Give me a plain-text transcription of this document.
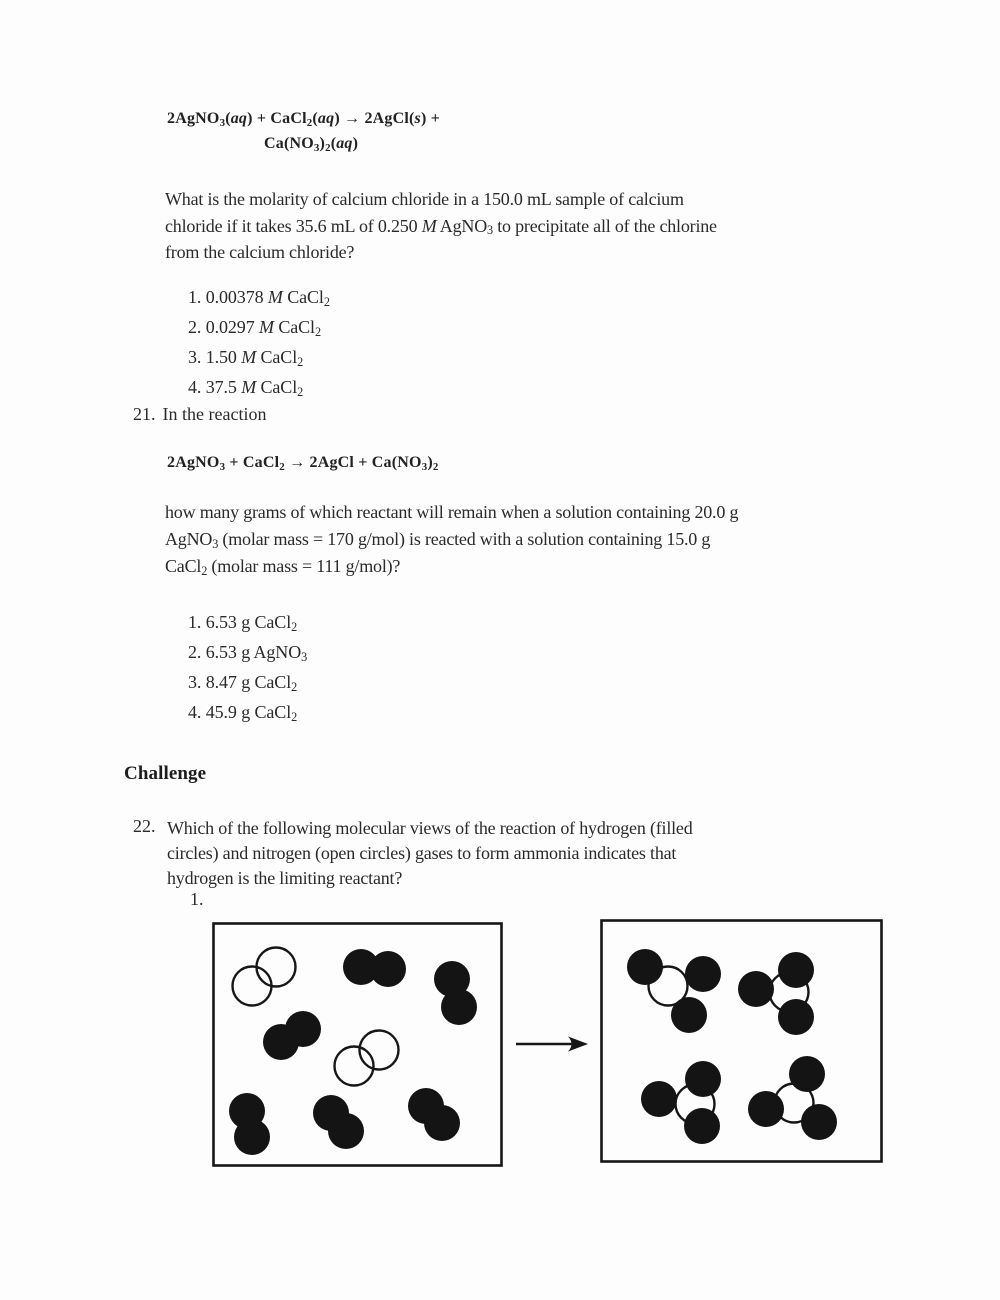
2AgNO$_3$(aq) + CaCl$_2$(aq) → 2AgCl(s) +
$Ca(NO_3)_2(aq)$
What is the molarity of calcium chloride in a 150.0 mL sample of calcium
chloride if it takes 35.6 mL of 0.250 M AgNO$_3$ to precipitate all of the chlorine
from the calcium chloride?
1. 0.00378 M CaCl$_2$
2. 0.0297 M CaCl$_2$
3. 1.50 M CaCl$_2$
4. 37.5 M CaCl$_2$
21. In the reaction
2AgNO$_3$ + CaCl$_2$ → 2AgCl + $Ca(NO_3)_2$
how many grams of which reactant will remain when a solution containing 20.0 g
AgNO$_3$ (molar mass = 170 g/mol) is reacted with a solution containing 15.0 g
CaCl$_2$ (molar mass = 111 g/mol)?
1. 6.53 g CaCl$_2$
2. 6.53 g AgNO$_3$
3. 8.47 g CaCl$_2$
4. 45.9 g CaCl$_2$
Challenge
22. Which of the following molecular views of the reaction of hydrogen (filled
circles) and nitrogen (open circles) gases to form ammonia indicates that
hydrogen is the limiting reactant?
1.
